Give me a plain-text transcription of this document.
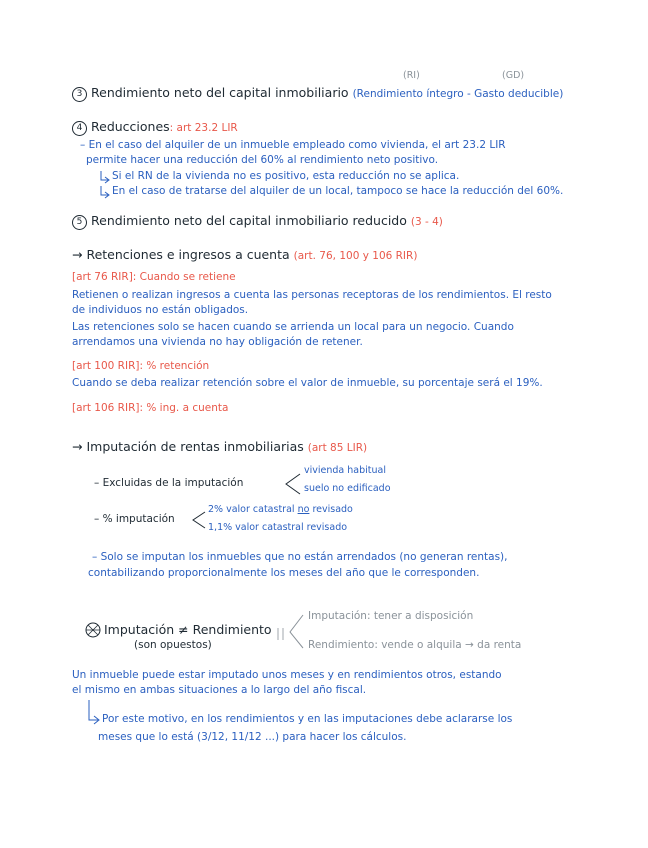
(RI)	(GD)
3 Rendimiento neto del capital inmobiliario (Rendimiento íntegro - Gasto deducible)
4 Reducciones: art 23.2 LIR
– En el caso del alquiler de un inmueble empleado como vivienda, el art 23.2 LIR
permite hacer una reducción del 60% al rendimiento neto positivo.
Si el RN de la vivienda no es positivo, esta reducción no se aplica.
En el caso de tratarse del alquiler de un local, tampoco se hace la reducción del 60%.
5 Rendimiento neto del capital inmobiliario reducido (3 - 4)
→ Retenciones e ingresos a cuenta (art. 76, 100 y 106 RIR)
[art 76 RIR]: Cuando se retiene
Retienen o realizan ingresos a cuenta las personas receptoras de los rendimientos. El resto
de individuos no están obligados.
Las retenciones solo se hacen cuando se arrienda un local para un negocio. Cuando
arrendamos una vivienda no hay obligación de retener.
[art 100 RIR]: % retención
Cuando se deba realizar retención sobre el valor de inmueble, su porcentaje será el 19%.
[art 106 RIR]: % ing. a cuenta
→ Imputación de rentas inmobiliarias (art 85 LIR)
– Excluidas de la imputación
vivienda habitual
suelo no edificado
– % imputación
2% valor catastral no revisado
1,1% valor catastral revisado
– Solo se imputan los inmuebles que no están arrendados (no generan rentas),
contabilizando proporcionalmente los meses del año que le corresponden.
Imputación ≠ Rendimiento
(son opuestos)
Imputación: tener a disposición
Rendimiento: vende o alquila → da renta
Un inmueble puede estar imputado unos meses y en rendimientos otros, estando
el mismo en ambas situaciones a lo largo del año fiscal.
Por este motivo, en los rendimientos y en las imputaciones debe aclararse los
meses que lo está (3/12, 11/12 ...) para hacer los cálculos.
